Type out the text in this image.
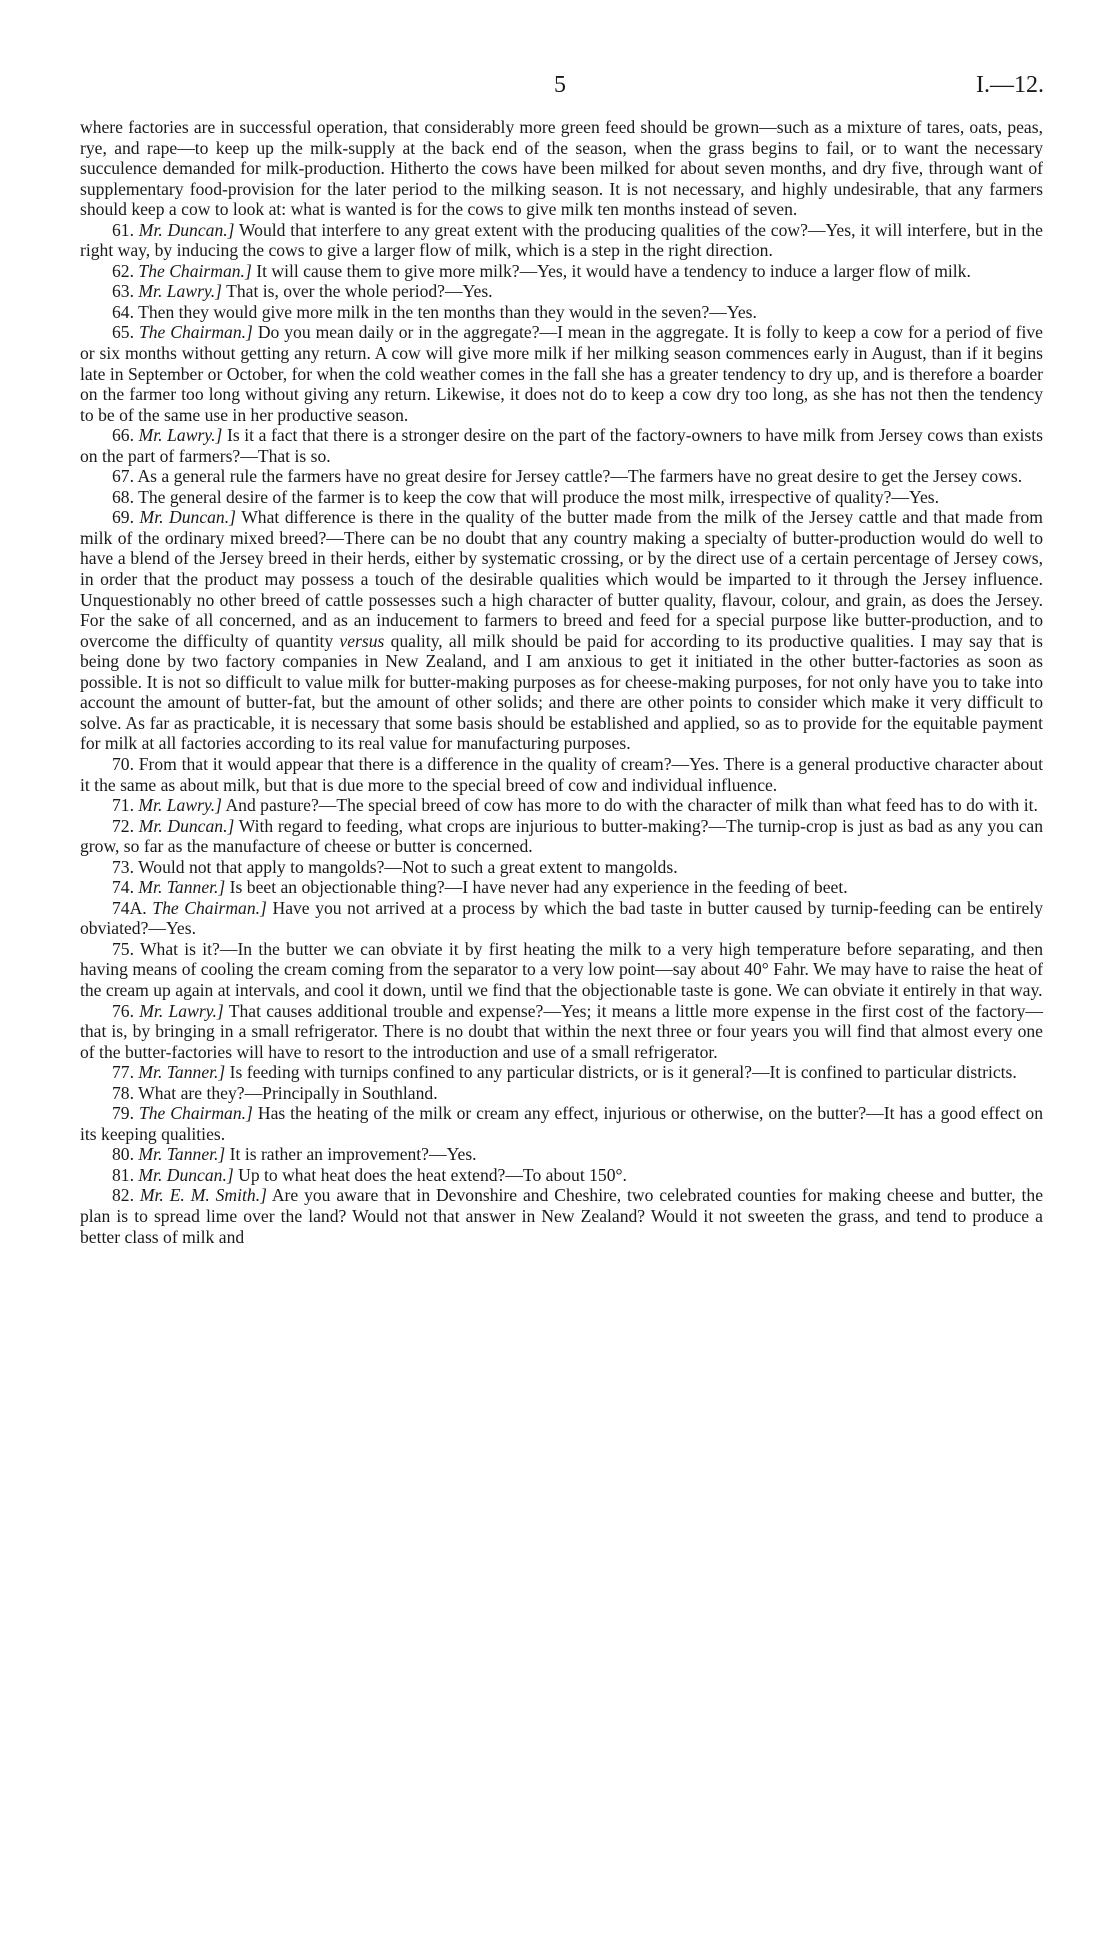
5	I.—12.

where factories are in successful operation, that considerably more green feed should be grown—such as a mixture of tares, oats, peas, rye, and rape—to keep up the milk-supply at the back end of the season, when the grass begins to fail, or to want the necessary succulence demanded for milk-production. Hitherto the cows have been milked for about seven months, and dry five, through want of supplementary food-provision for the later period to the milking season. It is not necessary, and highly undesirable, that any farmers should keep a cow to look at: what is wanted is for the cows to give milk ten months instead of seven.

61. Mr. Duncan.] Would that interfere to any great extent with the producing qualities of the cow?—Yes, it will interfere, but in the right way, by inducing the cows to give a larger flow of milk, which is a step in the right direction.

62. The Chairman.] It will cause them to give more milk?—Yes, it would have a tendency to induce a larger flow of milk.

63. Mr. Lawry.] That is, over the whole period?—Yes.

64. Then they would give more milk in the ten months than they would in the seven?—Yes.

65. The Chairman.] Do you mean daily or in the aggregate?—I mean in the aggregate. It is folly to keep a cow for a period of five or six months without getting any return. A cow will give more milk if her milking season commences early in August, than if it begins late in September or October, for when the cold weather comes in the fall she has a greater tendency to dry up, and is therefore a boarder on the farmer too long without giving any return. Likewise, it does not do to keep a cow dry too long, as she has not then the tendency to be of the same use in her productive season.

66. Mr. Lawry.] Is it a fact that there is a stronger desire on the part of the factory-owners to have milk from Jersey cows than exists on the part of farmers?—That is so.

67. As a general rule the farmers have no great desire for Jersey cattle?—The farmers have no great desire to get the Jersey cows.

68. The general desire of the farmer is to keep the cow that will produce the most milk, irrespective of quality?—Yes.

69. Mr. Duncan.] What difference is there in the quality of the butter made from the milk of the Jersey cattle and that made from milk of the ordinary mixed breed?—There can be no doubt that any country making a specialty of butter-production would do well to have a blend of the Jersey breed in their herds, either by systematic crossing, or by the direct use of a certain percentage of Jersey cows, in order that the product may possess a touch of the desirable qualities which would be imparted to it through the Jersey influence. Unquestionably no other breed of cattle possesses such a high character of butter quality, flavour, colour, and grain, as does the Jersey. For the sake of all concerned, and as an inducement to farmers to breed and feed for a special purpose like butter-production, and to overcome the difficulty of quantity versus quality, all milk should be paid for according to its productive qualities. I may say that is being done by two factory companies in New Zealand, and I am anxious to get it initiated in the other butter-factories as soon as possible. It is not so difficult to value milk for butter-making purposes as for cheese-making purposes, for not only have you to take into account the amount of butter-fat, but the amount of other solids; and there are other points to consider which make it very difficult to solve. As far as practicable, it is necessary that some basis should be established and applied, so as to provide for the equitable payment for milk at all factories according to its real value for manufacturing purposes.

70. From that it would appear that there is a difference in the quality of cream?—Yes. There is a general productive character about it the same as about milk, but that is due more to the special breed of cow and individual influence.

71. Mr. Lawry.] And pasture?—The special breed of cow has more to do with the character of milk than what feed has to do with it.

72. Mr. Duncan.] With regard to feeding, what crops are injurious to butter-making?—The turnip-crop is just as bad as any you can grow, so far as the manufacture of cheese or butter is concerned.

73. Would not that apply to mangolds?—Not to such a great extent to mangolds.

74. Mr. Tanner.] Is beet an objectionable thing?—I have never had any experience in the feeding of beet.

74A. The Chairman.] Have you not arrived at a process by which the bad taste in butter caused by turnip-feeding can be entirely obviated?—Yes.

75. What is it?—In the butter we can obviate it by first heating the milk to a very high temperature before separating, and then having means of cooling the cream coming from the separator to a very low point—say about 40° Fahr. We may have to raise the heat of the cream up again at intervals, and cool it down, until we find that the objectionable taste is gone. We can obviate it entirely in that way.

76. Mr. Lawry.] That causes additional trouble and expense?—Yes; it means a little more expense in the first cost of the factory—that is, by bringing in a small refrigerator. There is no doubt that within the next three or four years you will find that almost every one of the butter-factories will have to resort to the introduction and use of a small refrigerator.

77. Mr. Tanner.] Is feeding with turnips confined to any particular districts, or is it general?—It is confined to particular districts.

78. What are they?—Principally in Southland.

79. The Chairman.] Has the heating of the milk or cream any effect, injurious or otherwise, on the butter?—It has a good effect on its keeping qualities.

80. Mr. Tanner.] It is rather an improvement?—Yes.

81. Mr. Duncan.] Up to what heat does the heat extend?—To about 150°.

82. Mr. E. M. Smith.] Are you aware that in Devonshire and Cheshire, two celebrated counties for making cheese and butter, the plan is to spread lime over the land? Would not that answer in New Zealand? Would it not sweeten the grass, and tend to produce a better class of milk and
